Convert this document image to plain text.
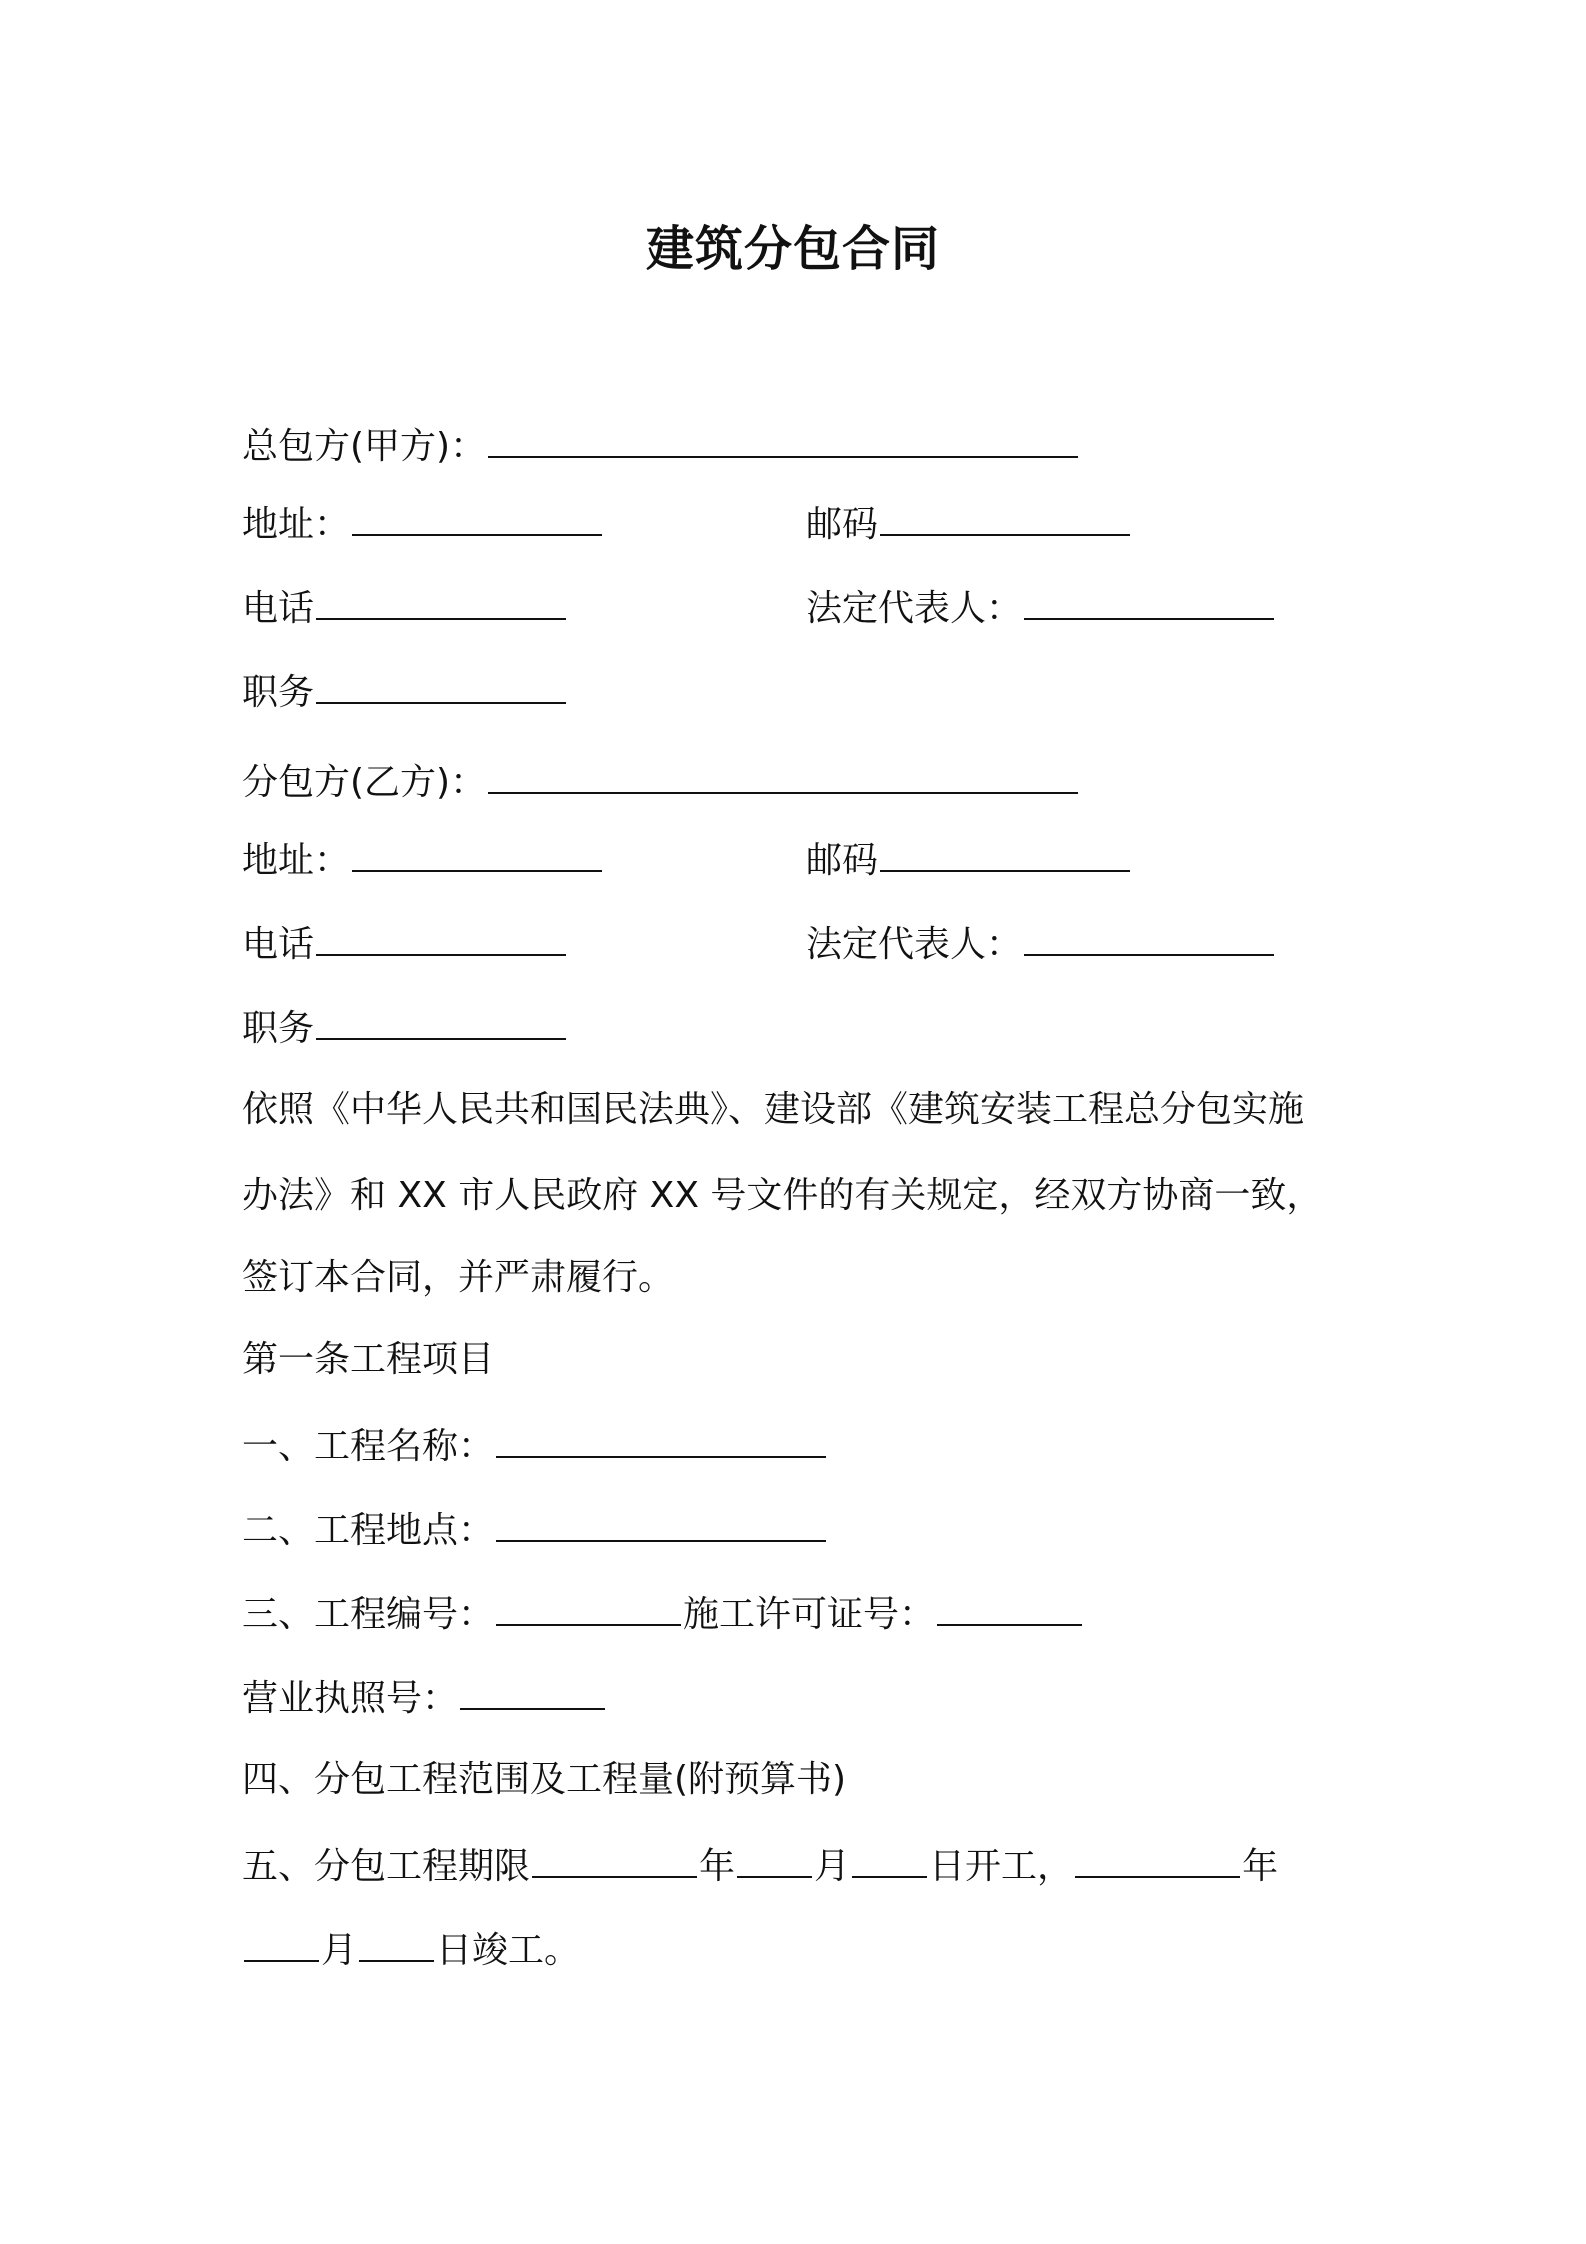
建筑分包合同
总包方(甲方)：
地址：	邮码
电话	法定代表人：
职务
分包方(乙方)：
地址：	邮码
电话	法定代表人：
职务
依照《中华人民共和国民法典》、建设部《建筑安装工程总分包实施
办法》和 XX 市人民政府 XX 号文件的有关规定，经双方协商一致，
签订本合同，并严肃履行。
第一条工程项目
一、工程名称：
二、工程地点：
三、工程编号：	施工许可证号：
营业执照号：
四、分包工程范围及工程量(附预算书)
五、分包工程期限	年 月 日开工，	年
月 日竣工。
